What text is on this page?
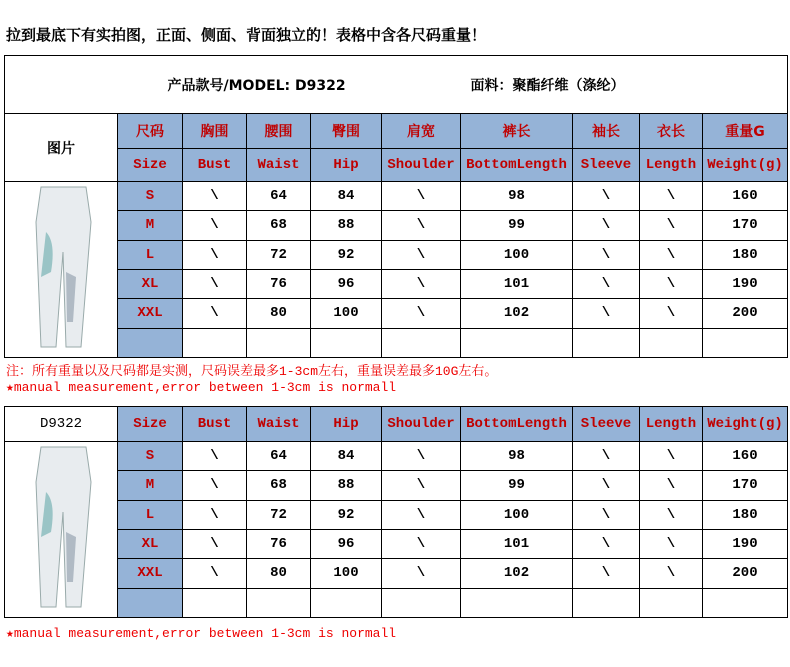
拉到最底下有实拍图，正面、侧面、背面独立的！表格中含各尺码重量！
产品款号/MODEL: D9322 面料：聚酯纤维（涤纶）									
图片	尺码	胸围	腰围	臀围	肩宽	裤长	袖长	衣长	重量G
	Size	Bust	Waist	Hip	Shoulder	BottomLength	Sleeve	Length	Weight(g)
	S	\	64	84	\	98	\	\	160
	M	\	68	88	\	99	\	\	170
	L	\	72	92	\	100	\	\	180
	XL	\	76	96	\	101	\	\	190
	XXL	\	80	100	\	102	\	\	200

注：所有重量以及尺码都是实测，尺码误差最多1-3cm左右，重量误差最多10G左右。
★manual measurement,error between 1-3cm is normall
D9322	Size	Bust	Waist	Hip	Shoulder	BottomLength	Sleeve	Length	Weight(g)
	S	\	64	84	\	98	\	\	160
	M	\	68	88	\	99	\	\	170
	L	\	72	92	\	100	\	\	180
	XL	\	76	96	\	101	\	\	190
	XXL	\	80	100	\	102	\	\	200

★manual measurement,error between 1-3cm is normall
